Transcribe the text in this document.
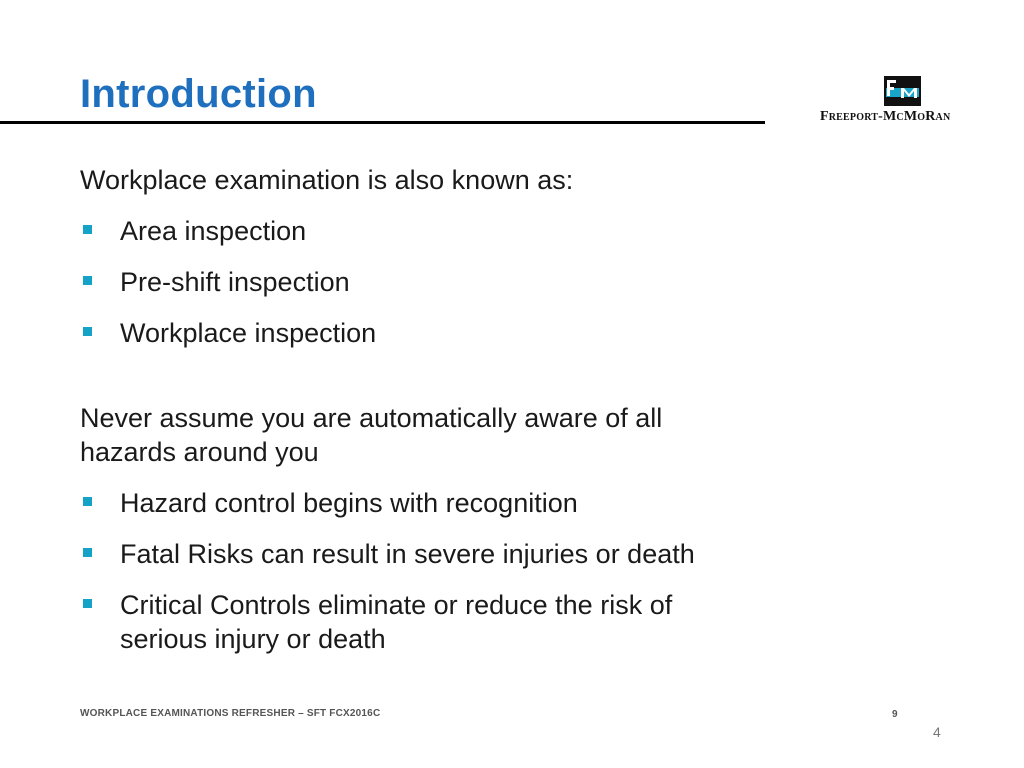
Introduction
Freeport-McMoRan

Workplace examination is also known as:

Area inspection
Pre-shift inspection
Workplace inspection

Never assume you are automatically aware of all hazards around you

Hazard control begins with recognition
Fatal Risks can result in severe injuries or death
Critical Controls eliminate or reduce the risk of serious injury or death
WORKPLACE EXAMINATIONS REFRESHER – SFT FCX2016C	9
4
